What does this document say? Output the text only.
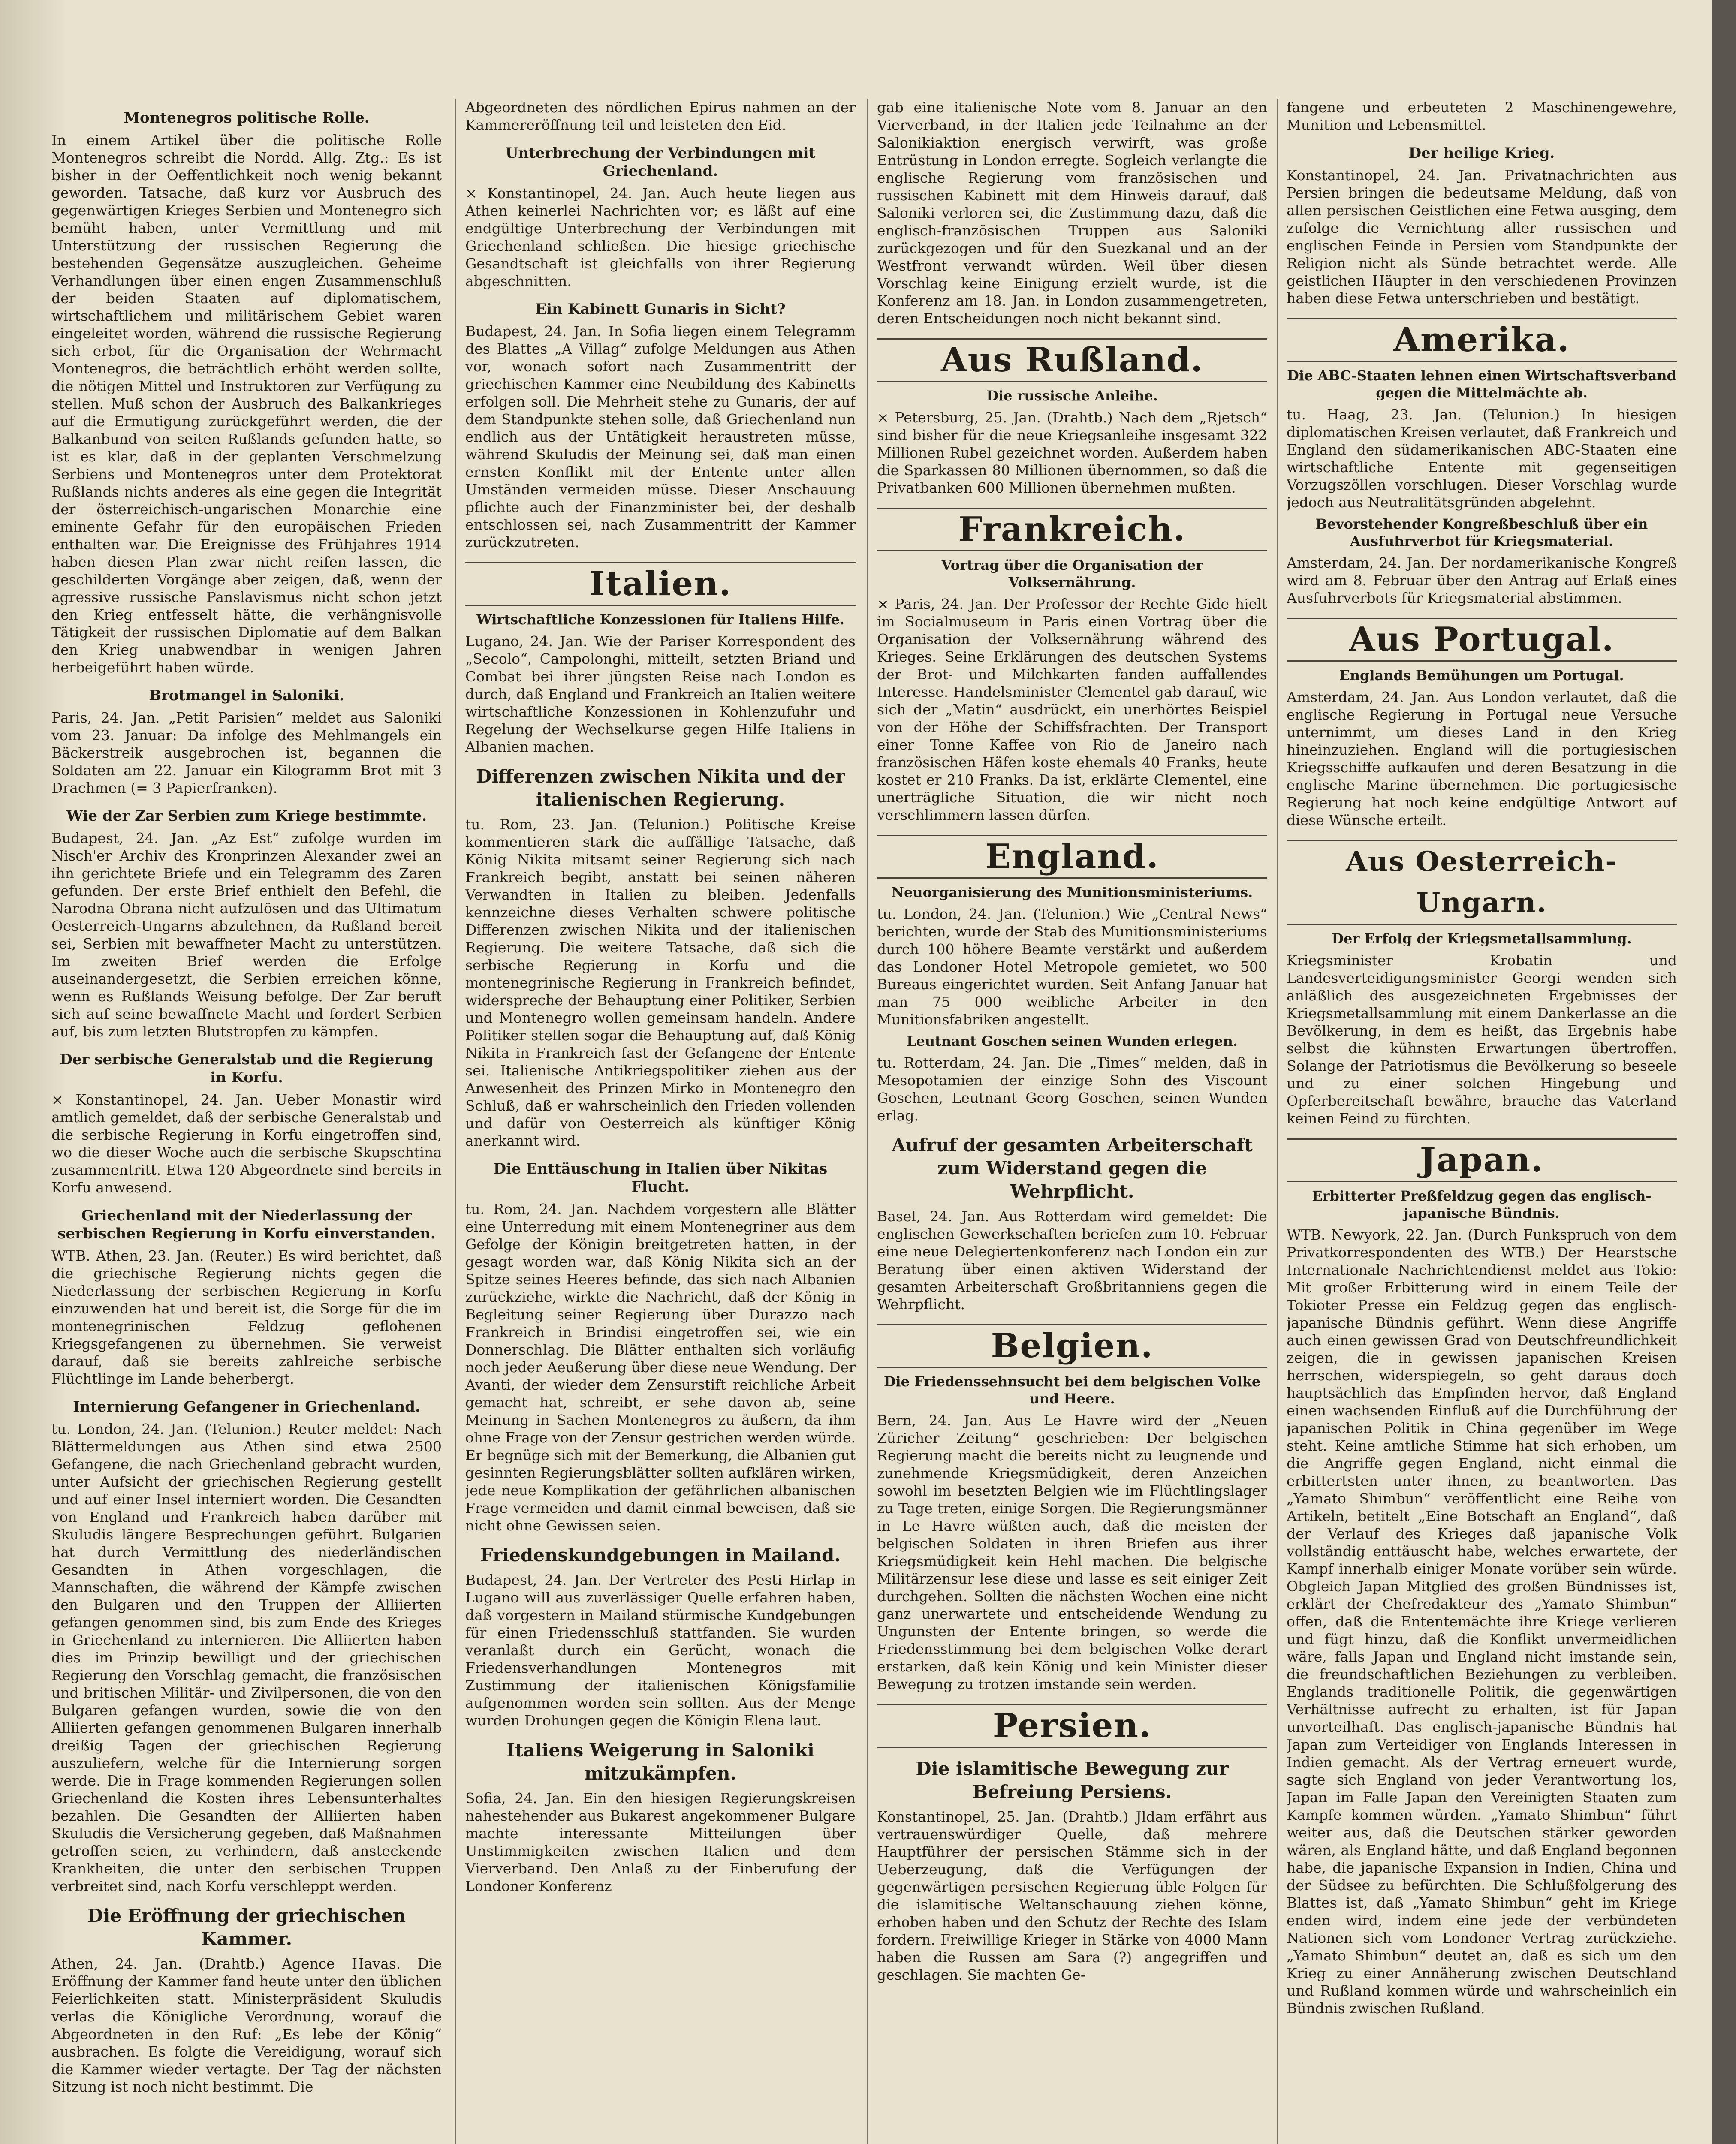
Montenegros politische Rolle.

In einem Artikel über die politische Rolle Montenegros schreibt die Nordd. Allg. Ztg.: Es ist bisher in der Oeffentlichkeit noch wenig bekannt geworden. Tatsache, daß kurz vor Ausbruch des gegenwärtigen Krieges Serbien und Montenegro sich bemüht haben, unter Vermittlung und mit Unterstützung der russischen Regierung die bestehenden Gegensätze auszugleichen. Geheime Verhandlungen über einen engen Zusammenschluß der beiden Staaten auf diplomatischem, wirtschaftlichem und militärischem Gebiet waren eingeleitet worden, während die russische Regierung sich erbot, für die Organisation der Wehrmacht Montenegros, die beträchtlich erhöht werden sollte, die nötigen Mittel und Instruktoren zur Verfügung zu stellen. Muß schon der Ausbruch des Balkankrieges auf die Ermutigung zurückgeführt werden, die der Balkanbund von seiten Rußlands gefunden hatte, so ist es klar, daß in der geplanten Verschmelzung Serbiens und Montenegros unter dem Protektorat Rußlands nichts anderes als eine gegen die Integrität der österreichisch-ungarischen Monarchie eine eminente Gefahr für den europäischen Frieden enthalten war. Die Ereignisse des Frühjahres 1914 haben diesen Plan zwar nicht reifen lassen, die geschilderten Vorgänge aber zeigen, daß, wenn der agressive russische Panslavismus nicht schon jetzt den Krieg entfesselt hätte, die verhängnisvolle Tätigkeit der russischen Diplomatie auf dem Balkan den Krieg unabwendbar in wenigen Jahren herbeigeführt haben würde.

Brotmangel in Saloniki.

Paris, 24. Jan. „Petit Parisien“ meldet aus Saloniki vom 23. Januar: Da infolge des Mehlmangels ein Bäckerstreik ausgebrochen ist, begannen die Soldaten am 22. Januar ein Kilogramm Brot mit 3 Drachmen (= 3 Papierfranken).

Wie der Zar Serbien zum Kriege bestimmte.

Budapest, 24. Jan. „Az Est“ zufolge wurden im Nisch'er Archiv des Kronprinzen Alexander zwei an ihn gerichtete Briefe und ein Telegramm des Zaren gefunden. Der erste Brief enthielt den Befehl, die Narodna Obrana nicht aufzulösen und das Ultimatum Oesterreich-Ungarns abzulehnen, da Rußland bereit sei, Serbien mit bewaffneter Macht zu unterstützen. Im zweiten Brief werden die Erfolge auseinandergesetzt, die Serbien erreichen könne, wenn es Rußlands Weisung befolge. Der Zar beruft sich auf seine bewaffnete Macht und fordert Serbien auf, bis zum letzten Blutstropfen zu kämpfen.

Der serbische Generalstab und die Regierung in Korfu.

× Konstantinopel, 24. Jan. Ueber Monastir wird amtlich gemeldet, daß der serbische Generalstab und die serbische Regierung in Korfu eingetroffen sind, wo die dieser Woche auch die serbische Skupschtina zusammentritt. Etwa 120 Abgeordnete sind bereits in Korfu anwesend.

Griechenland mit der Niederlassung der serbischen Regierung in Korfu einverstanden.

WTB. Athen, 23. Jan. (Reuter.) Es wird berichtet, daß die griechische Regierung nichts gegen die Niederlassung der serbischen Regierung in Korfu einzuwenden hat und bereit ist, die Sorge für die im montenegrinischen Feldzug geflohenen Kriegsgefangenen zu übernehmen. Sie verweist darauf, daß sie bereits zahlreiche serbische Flüchtlinge im Lande beherbergt.

Internierung Gefangener in Griechenland.

tu. London, 24. Jan. (Telunion.) Reuter meldet: Nach Blättermeldungen aus Athen sind etwa 2500 Gefangene, die nach Griechenland gebracht wurden, unter Aufsicht der griechischen Regierung gestellt und auf einer Insel interniert worden. Die Gesandten von England und Frankreich haben darüber mit Skuludis längere Besprechungen geführt. Bulgarien hat durch Vermittlung des niederländischen Gesandten in Athen vorgeschlagen, die Mannschaften, die während der Kämpfe zwischen den Bulgaren und den Truppen der Alliierten gefangen genommen sind, bis zum Ende des Krieges in Griechenland zu internieren. Die Alliierten haben dies im Prinzip bewilligt und der griechischen Regierung den Vorschlag gemacht, die französischen und britischen Militär- und Zivilpersonen, die von den Bulgaren gefangen wurden, sowie die von den Alliierten gefangen genommenen Bulgaren innerhalb dreißig Tagen der griechischen Regierung auszuliefern, welche für die Internierung sorgen werde. Die in Frage kommenden Regierungen sollen Griechenland die Kosten ihres Lebensunterhaltes bezahlen. Die Gesandten der Alliierten haben Skuludis die Versicherung gegeben, daß Maßnahmen getroffen seien, zu verhindern, daß ansteckende Krankheiten, die unter den serbischen Truppen verbreitet sind, nach Korfu verschleppt werden.

Die Eröffnung der griechischen Kammer.

Athen, 24. Jan. (Drahtb.) Agence Havas. Die Eröffnung der Kammer fand heute unter den üblichen Feierlichkeiten statt. Ministerpräsident Skuludis verlas die Königliche Verordnung, worauf die Abgeordneten in den Ruf: „Es lebe der König“ ausbrachen. Es folgte die Vereidigung, worauf sich die Kammer wieder vertagte. Der Tag der nächsten Sitzung ist noch nicht bestimmt. Die

Abgeordneten des nördlichen Epirus nahmen an der Kammereröffnung teil und leisteten den Eid.

Unterbrechung der Verbindungen mit Griechenland.

× Konstantinopel, 24. Jan. Auch heute liegen aus Athen keinerlei Nachrichten vor; es läßt auf eine endgültige Unterbrechung der Verbindungen mit Griechenland schließen. Die hiesige griechische Gesandtschaft ist gleichfalls von ihrer Regierung abgeschnitten.

Ein Kabinett Gunaris in Sicht?

Budapest, 24. Jan. In Sofia liegen einem Telegramm des Blattes „A Villag“ zufolge Meldungen aus Athen vor, wonach sofort nach Zusammentritt der griechischen Kammer eine Neubildung des Kabinetts erfolgen soll. Die Mehrheit stehe zu Gunaris, der auf dem Standpunkte stehen solle, daß Griechenland nun endlich aus der Untätigkeit heraustreten müsse, während Skuludis der Meinung sei, daß man einen ernsten Konflikt mit der Entente unter allen Umständen vermeiden müsse. Dieser Anschauung pflichte auch der Finanzminister bei, der deshalb entschlossen sei, nach Zusammentritt der Kammer zurückzutreten.

Italien.
Wirtschaftliche Konzessionen für Italiens Hilfe.

Lugano, 24. Jan. Wie der Pariser Korrespondent des „Secolo“, Campolonghi, mitteilt, setzten Briand und Combat bei ihrer jüngsten Reise nach London es durch, daß England und Frankreich an Italien weitere wirtschaftliche Konzessionen in Kohlenzufuhr und Regelung der Wechselkurse gegen Hilfe Italiens in Albanien machen.

Differenzen zwischen Nikita und der italienischen Regierung.

tu. Rom, 23. Jan. (Telunion.) Politische Kreise kommentieren stark die auffällige Tatsache, daß König Nikita mitsamt seiner Regierung sich nach Frankreich begibt, anstatt bei seinen näheren Verwandten in Italien zu bleiben. Jedenfalls kennzeichne dieses Verhalten schwere politische Differenzen zwischen Nikita und der italienischen Regierung. Die weitere Tatsache, daß sich die serbische Regierung in Korfu und die montenegrinische Regierung in Frankreich befindet, widerspreche der Behauptung einer Politiker, Serbien und Montenegro wollen gemeinsam handeln. Andere Politiker stellen sogar die Behauptung auf, daß König Nikita in Frankreich fast der Gefangene der Entente sei. Italienische Antikriegspolitiker ziehen aus der Anwesenheit des Prinzen Mirko in Montenegro den Schluß, daß er wahrscheinlich den Frieden vollenden und dafür von Oesterreich als künftiger König anerkannt wird.

Die Enttäuschung in Italien über Nikitas Flucht.

tu. Rom, 24. Jan. Nachdem vorgestern alle Blätter eine Unterredung mit einem Montenegriner aus dem Gefolge der Königin breitgetreten hatten, in der gesagt worden war, daß König Nikita sich an der Spitze seines Heeres befinde, das sich nach Albanien zurückziehe, wirkte die Nachricht, daß der König in Begleitung seiner Regierung über Durazzo nach Frankreich in Brindisi eingetroffen sei, wie ein Donnerschlag. Die Blätter enthalten sich vorläufig noch jeder Aeußerung über diese neue Wendung. Der Avanti, der wieder dem Zensurstift reichliche Arbeit gemacht hat, schreibt, er sehe davon ab, seine Meinung in Sachen Montenegros zu äußern, da ihm ohne Frage von der Zensur gestrichen werden würde. Er begnüge sich mit der Bemerkung, die Albanien gut gesinnten Regierungsblätter sollten aufklären wirken, jede neue Komplikation der gefährlichen albanischen Frage vermeiden und damit einmal beweisen, daß sie nicht ohne Gewissen seien.

Friedenskundgebungen in Mailand.

Budapest, 24. Jan. Der Vertreter des Pesti Hirlap in Lugano will aus zuverlässiger Quelle erfahren haben, daß vorgestern in Mailand stürmische Kundgebungen für einen Friedensschluß stattfanden. Sie wurden veranlaßt durch ein Gerücht, wonach die Friedensverhandlungen Montenegros mit Zustimmung der italienischen Königsfamilie aufgenommen worden sein sollten. Aus der Menge wurden Drohungen gegen die Königin Elena laut.

Italiens Weigerung in Saloniki mitzukämpfen.

Sofia, 24. Jan. Ein den hiesigen Regierungskreisen nahestehender aus Bukarest angekommener Bulgare machte interessante Mitteilungen über Unstimmigkeiten zwischen Italien und dem Vierverband. Den Anlaß zu der Einberufung der Londoner Konferenz

gab eine italienische Note vom 8. Januar an den Vierverband, in der Italien jede Teilnahme an der Salonikiaktion energisch verwirft, was große Entrüstung in London erregte. Sogleich verlangte die englische Regierung vom französischen und russischen Kabinett mit dem Hinweis darauf, daß Saloniki verloren sei, die Zustimmung dazu, daß die englisch-französischen Truppen aus Saloniki zurückgezogen und für den Suezkanal und an der Westfront verwandt würden. Weil über diesen Vorschlag keine Einigung erzielt wurde, ist die Konferenz am 18. Jan. in London zusammengetreten, deren Entscheidungen noch nicht bekannt sind.

Aus Rußland.
Die russische Anleihe.

× Petersburg, 25. Jan. (Drahtb.) Nach dem „Rjetsch“ sind bisher für die neue Kriegsanleihe insgesamt 322 Millionen Rubel gezeichnet worden. Außerdem haben die Sparkassen 80 Millionen übernommen, so daß die Privatbanken 600 Millionen übernehmen mußten.

Frankreich.
Vortrag über die Organisation der Volksernährung.

× Paris, 24. Jan. Der Professor der Rechte Gide hielt im Socialmuseum in Paris einen Vortrag über die Organisation der Volksernährung während des Krieges. Seine Erklärungen des deutschen Systems der Brot- und Milchkarten fanden auffallendes Interesse. Handelsminister Clementel gab darauf, wie sich der „Matin“ ausdrückt, ein unerhörtes Beispiel von der Höhe der Schiffsfrachten. Der Transport einer Tonne Kaffee von Rio de Janeiro nach französischen Häfen koste ehemals 40 Franks, heute kostet er 210 Franks. Da ist, erklärte Clementel, eine unerträgliche Situation, die wir nicht noch verschlimmern lassen dürfen.

England.
Neuorganisierung des Munitionsministeriums.

tu. London, 24. Jan. (Telunion.) Wie „Central News“ berichten, wurde der Stab des Munitionsministeriums durch 100 höhere Beamte verstärkt und außerdem das Londoner Hotel Metropole gemietet, wo 500 Bureaus eingerichtet wurden. Seit Anfang Januar hat man 75 000 weibliche Arbeiter in den Munitionsfabriken angestellt.

Leutnant Goschen seinen Wunden erlegen.

tu. Rotterdam, 24. Jan. Die „Times“ melden, daß in Mesopotamien der einzige Sohn des Viscount Goschen, Leutnant Georg Goschen, seinen Wunden erlag.

Aufruf der gesamten Arbeiterschaft zum Widerstand gegen die Wehrpflicht.

Basel, 24. Jan. Aus Rotterdam wird gemeldet: Die englischen Gewerkschaften beriefen zum 10. Februar eine neue Delegiertenkonferenz nach London ein zur Beratung über einen aktiven Widerstand der gesamten Arbeiterschaft Großbritanniens gegen die Wehrpflicht.

Belgien.
Die Friedenssehnsucht bei dem belgischen Volke und Heere.

Bern, 24. Jan. Aus Le Havre wird der „Neuen Züricher Zeitung“ geschrieben: Der belgischen Regierung macht die bereits nicht zu leugnende und zunehmende Kriegsmüdigkeit, deren Anzeichen sowohl im besetzten Belgien wie im Flüchtlingslager zu Tage treten, einige Sorgen. Die Regierungsmänner in Le Havre wüßten auch, daß die meisten der belgischen Soldaten in ihren Briefen aus ihrer Kriegsmüdigkeit kein Hehl machen. Die belgische Militärzensur lese diese und lasse es seit einiger Zeit durchgehen. Sollten die nächsten Wochen eine nicht ganz unerwartete und entscheidende Wendung zu Ungunsten der Entente bringen, so werde die Friedensstimmung bei dem belgischen Volke derart erstarken, daß kein König und kein Minister dieser Bewegung zu trotzen imstande sein werden.

Persien.
Die islamitische Bewegung zur Befreiung Persiens.

Konstantinopel, 25. Jan. (Drahtb.) Jldam erfährt aus vertrauenswürdiger Quelle, daß mehrere Hauptführer der persischen Stämme sich in der Ueberzeugung, daß die Verfügungen der gegenwärtigen persischen Regierung üble Folgen für die islamitische Weltanschauung ziehen könne, erhoben haben und den Schutz der Rechte des Islam fordern. Freiwillige Krieger in Stärke von 4000 Mann haben die Russen am Sara (?) angegriffen und geschlagen. Sie machten Ge-

fangene und erbeuteten 2 Maschinengewehre, Munition und Lebensmittel.

Der heilige Krieg.

Konstantinopel, 24. Jan. Privatnachrichten aus Persien bringen die bedeutsame Meldung, daß von allen persischen Geistlichen eine Fetwa ausging, dem zufolge die Vernichtung aller russischen und englischen Feinde in Persien vom Standpunkte der Religion nicht als Sünde betrachtet werde. Alle geistlichen Häupter in den verschiedenen Provinzen haben diese Fetwa unterschrieben und bestätigt.

Amerika.
Die ABC-Staaten lehnen einen Wirtschaftsverband gegen die Mittelmächte ab.

tu. Haag, 23. Jan. (Telunion.) In hiesigen diplomatischen Kreisen verlautet, daß Frankreich und England den südamerikanischen ABC-Staaten eine wirtschaftliche Entente mit gegenseitigen Vorzugszöllen vorschlugen. Dieser Vorschlag wurde jedoch aus Neutralitätsgründen abgelehnt.

Bevorstehender Kongreßbeschluß über ein Ausfuhrverbot für Kriegsmaterial.

Amsterdam, 24. Jan. Der nordamerikanische Kongreß wird am 8. Februar über den Antrag auf Erlaß eines Ausfuhrverbots für Kriegsmaterial abstimmen.

Aus Portugal.
Englands Bemühungen um Portugal.

Amsterdam, 24. Jan. Aus London verlautet, daß die englische Regierung in Portugal neue Versuche unternimmt, um dieses Land in den Krieg hineinzuziehen. England will die portugiesischen Kriegsschiffe aufkaufen und deren Besatzung in die englische Marine übernehmen. Die portugiesische Regierung hat noch keine endgültige Antwort auf diese Wünsche erteilt.

Aus Oesterreich-Ungarn.
Der Erfolg der Kriegsmetallsammlung.

Kriegsminister Krobatin und Landesverteidigungsminister Georgi wenden sich anläßlich des ausgezeichneten Ergebnisses der Kriegsmetallsammlung mit einem Dankerlasse an die Bevölkerung, in dem es heißt, das Ergebnis habe selbst die kühnsten Erwartungen übertroffen. Solange der Patriotismus die Bevölkerung so beseele und zu einer solchen Hingebung und Opferbereitschaft bewähre, brauche das Vaterland keinen Feind zu fürchten.

Japan.
Erbitterter Preßfeldzug gegen das englisch-japanische Bündnis.

WTB. Newyork, 22. Jan. (Durch Funkspruch von dem Privatkorrespondenten des WTB.) Der Hearstsche Internationale Nachrichtendienst meldet aus Tokio: Mit großer Erbitterung wird in einem Teile der Tokioter Presse ein Feldzug gegen das englisch-japanische Bündnis geführt. Wenn diese Angriffe auch einen gewissen Grad von Deutschfreundlichkeit zeigen, die in gewissen japanischen Kreisen herrschen, widerspiegeln, so geht daraus doch hauptsächlich das Empfinden hervor, daß England einen wachsenden Einfluß auf die Durchführung der japanischen Politik in China gegenüber im Wege steht. Keine amtliche Stimme hat sich erhoben, um die Angriffe gegen England, nicht einmal die erbittertsten unter ihnen, zu beantworten. Das „Yamato Shimbun“ veröffentlicht eine Reihe von Artikeln, betitelt „Eine Botschaft an England“, daß der Verlauf des Krieges daß japanische Volk vollständig enttäuscht habe, welches erwartete, der Kampf innerhalb einiger Monate vorüber sein würde. Obgleich Japan Mitglied des großen Bündnisses ist, erklärt der Chefredakteur des „Yamato Shimbun“ offen, daß die Ententemächte ihre Kriege verlieren und fügt hinzu, daß die Konflikt unvermeidlichen wäre, falls Japan und England nicht imstande sein, die freundschaftlichen Beziehungen zu verbleiben. Englands traditionelle Politik, die gegenwärtigen Verhältnisse aufrecht zu erhalten, ist für Japan unvorteilhaft. Das englisch-japanische Bündnis hat Japan zum Verteidiger von Englands Interessen in Indien gemacht. Als der Vertrag erneuert wurde, sagte sich England von jeder Verantwortung los, Japan im Falle Japan den Vereinigten Staaten zum Kampfe kommen würden. „Yamato Shimbun“ führt weiter aus, daß die Deutschen stärker geworden wären, als England hätte, und daß England begonnen habe, die japanische Expansion in Indien, China und der Südsee zu befürchten. Die Schlußfolgerung des Blattes ist, daß „Yamato Shimbun“ geht im Kriege enden wird, indem eine jede der verbündeten Nationen sich vom Londoner Vertrag zurückziehe. „Yamato Shimbun“ deutet an, daß es sich um den Krieg zu einer Annäherung zwischen Deutschland und Rußland kommen würde und wahrscheinlich ein Bündnis zwischen Rußland.
